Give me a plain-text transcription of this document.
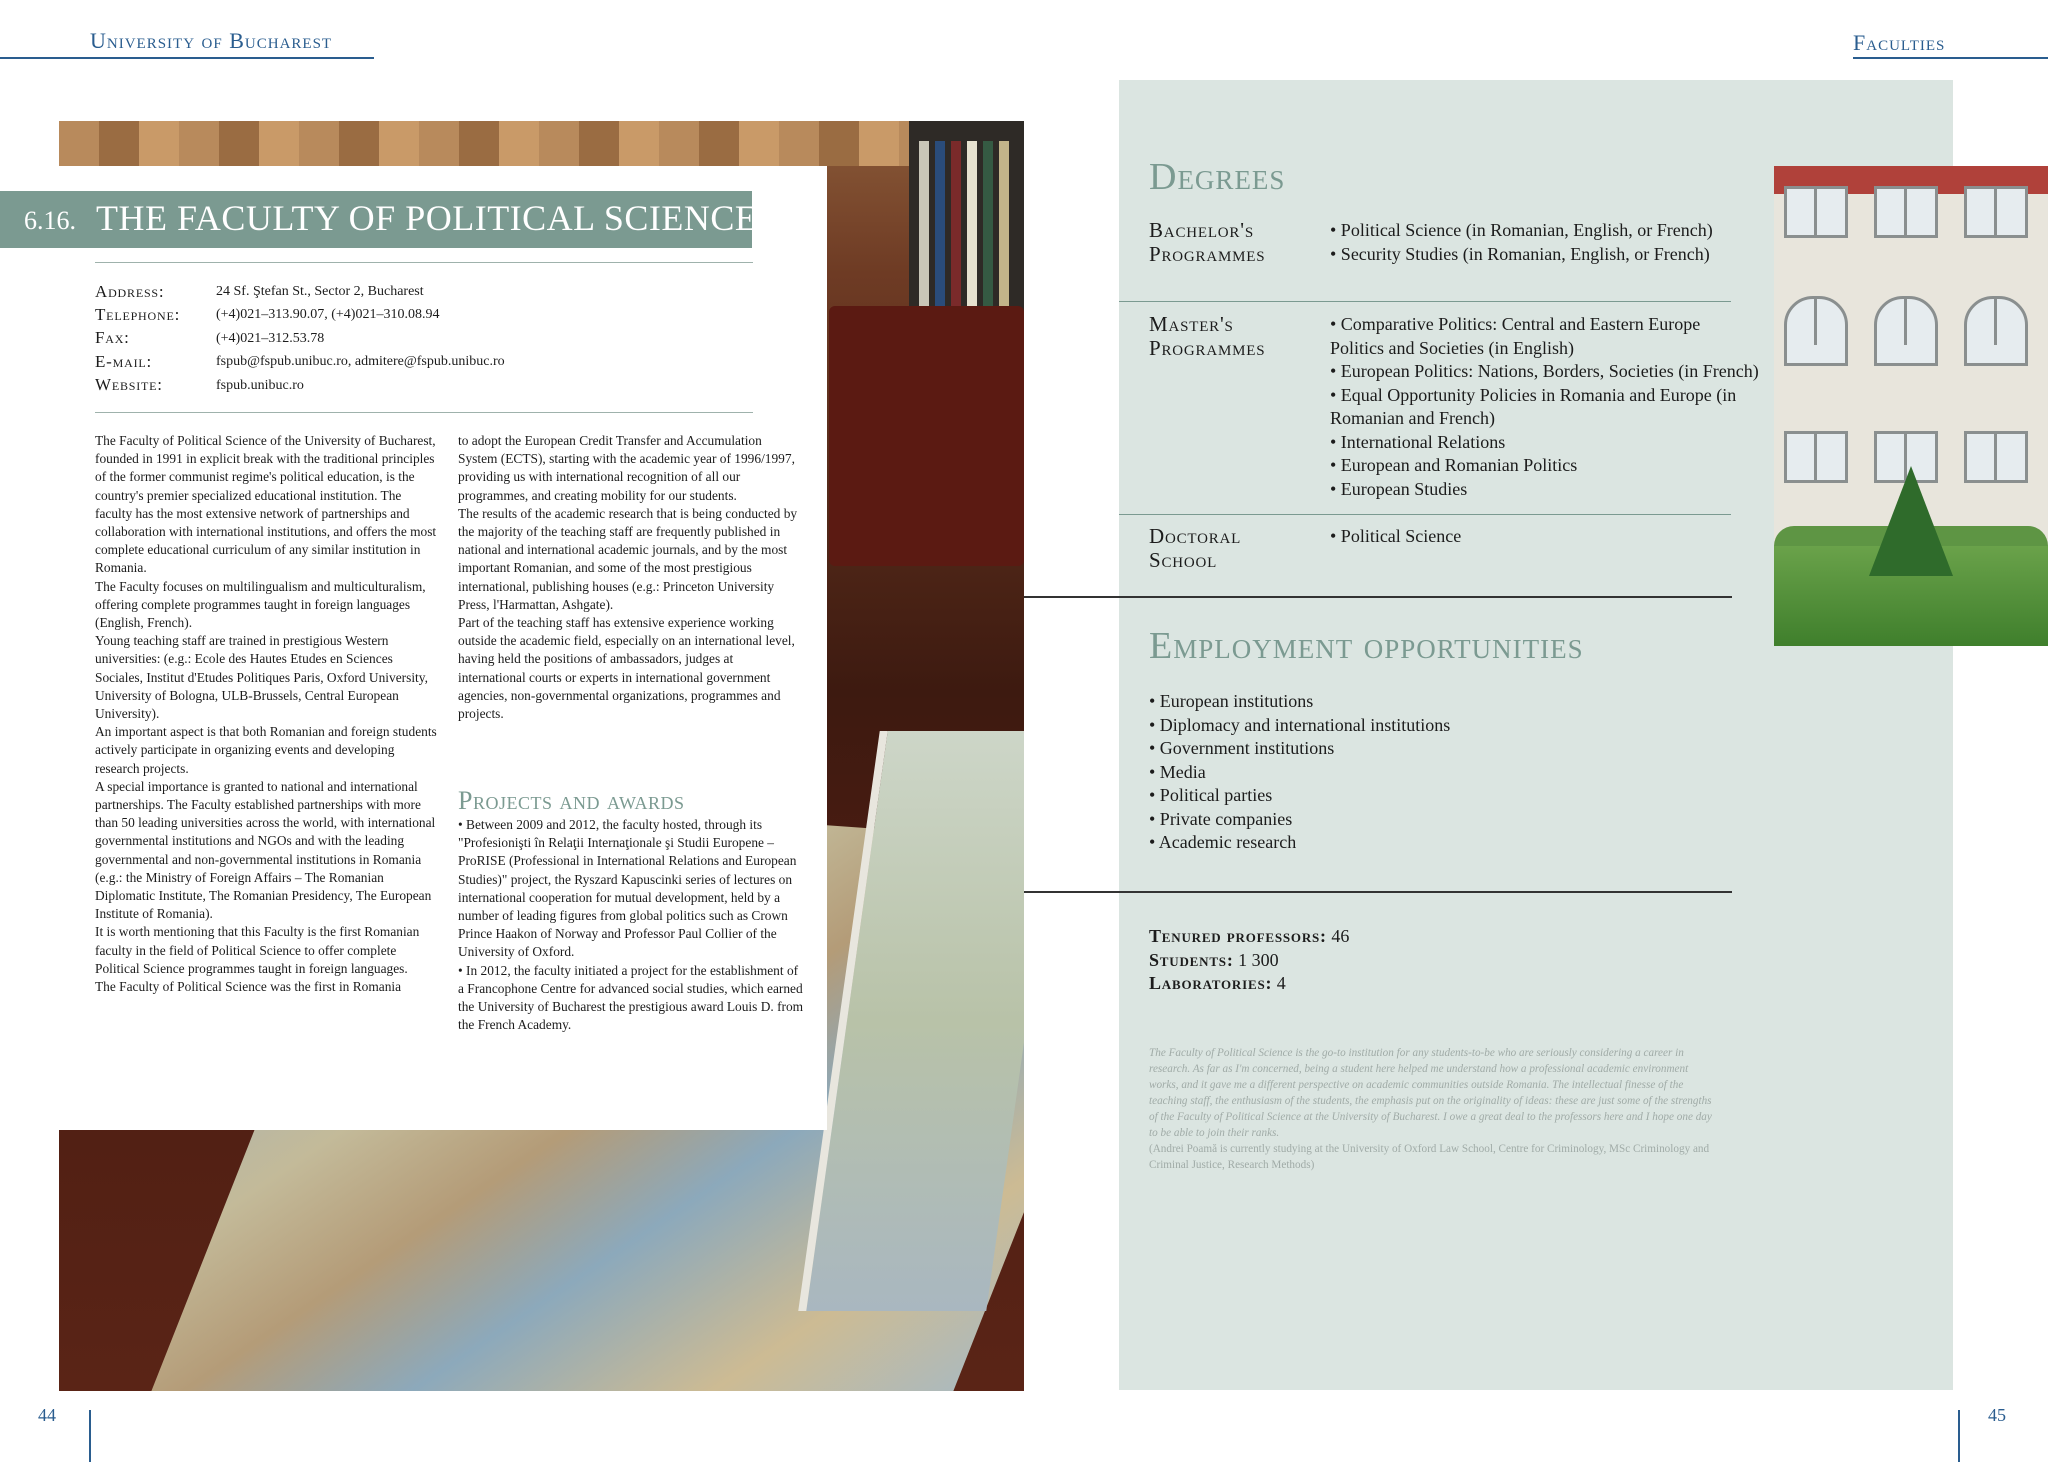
University of Bucharest	Faculties
6.16. THE FACULTY OF POLITICAL SCIENCE
Address:	24 Sf. Ştefan St., Sector 2, Bucharest
Telephone:	(+4)021–313.90.07, (+4)021–310.08.94
Fax:	(+4)021–312.53.78
E-mail:	fspub@fspub.unibuc.ro, admitere@fspub.unibuc.ro
Website:	fspub.unibuc.ro

The Faculty of Political Science of the University of Bucharest, founded in 1991 in explicit break with the traditional principles of the former communist regime's political education, is the country's premier specialized educational institution. The faculty has the most extensive network of partnerships and collaboration with international institutions, and offers the most complete educational curriculum of any similar institution in Romania.

The Faculty focuses on multilingualism and multiculturalism, offering complete programmes taught in foreign languages (English, French).

Young teaching staff are trained in prestigious Western universities: (e.g.: Ecole des Hautes Etudes en Sciences Sociales, Institut d'Etudes Politiques Paris, Oxford University, University of Bologna, ULB-Brussels, Central European University).

An important aspect is that both Romanian and foreign students actively participate in organizing events and developing research projects.

A special importance is granted to national and international partnerships. The Faculty established partnerships with more than 50 leading universities across the world, with international governmental institutions and NGOs and with the leading governmental and non-governmental institutions in Romania (e.g.: the Ministry of Foreign Affairs – The Romanian Diplomatic Institute, The Romanian Presidency, The European Institute of Romania).

It is worth mentioning that this Faculty is the first Romanian faculty in the field of Political Science to offer complete Political Science programmes taught in foreign languages.

The Faculty of Political Science was the first in Romania

to adopt the European Credit Transfer and Accumulation System (ECTS), starting with the academic year of 1996/1997, providing us with international recognition of all our programmes, and creating mobility for our students.

The results of the academic research that is being conducted by the majority of the teaching staff are frequently published in national and international academic journals, and by the most important Romanian, and some of the most prestigious international, publishing houses (e.g.: Princeton University Press, l'Harmattan, Ashgate).

Part of the teaching staff has extensive experience working outside the academic field, especially on an international level, having held the positions of ambassadors, judges at international courts or experts in international government agencies, non-governmental organizations, programmes and projects.

Projects and awards

• Between 2009 and 2012, the faculty hosted, through its "Profesionişti în Relaţii Internaţionale şi Studii Europene – ProRISE (Professional in International Relations and European Studies)" project, the Ryszard Kapuscinki series of lectures on international cooperation for mutual development, held by a number of leading figures from global politics such as Crown Prince Haakon of Norway and Professor Paul Collier of the University of Oxford.

• In 2012, the faculty initiated a project for the establishment of a Francophone Centre for advanced social studies, which earned the University of Bucharest the prestigious award Louis D. from the French Academy.

44	45
Degrees
Bachelor's
Programmes
• Political Science (in Romanian, English, or French)
• Security Studies (in Romanian, English, or French)
Master's
Programmes
• Comparative Politics: Central and Eastern Europe Politics and Societies (in English)
• European Politics: Nations, Borders, Societies (in French)
• Equal Opportunity Policies in Romania and Europe (in Romanian and French)
• International Relations
• European and Romanian Politics
• European Studies
Doctoral
School
• Political Science
Employment opportunities
• European institutions
• Diplomacy and international institutions
• Government institutions
• Media
• Political parties
• Private companies
• Academic research
Tenured professors: 46
Students: 1 300
Laboratories: 4
The Faculty of Political Science is the go-to institution for any students-to-be who are seriously considering a career in research. As far as I'm concerned, being a student here helped me understand how a professional academic environment works, and it gave me a different perspective on academic communities outside Romania. The intellectual finesse of the teaching staff, the enthusiasm of the students, the emphasis put on the originality of ideas: these are just some of the strengths of the Faculty of Political Science at the University of Bucharest. I owe a great deal to the professors here and I hope one day to be able to join their ranks.
(Andrei Poamă is currently studying at the University of Oxford Law School, Centre for Criminology, MSc Criminology and Criminal Justice, Research Methods)
